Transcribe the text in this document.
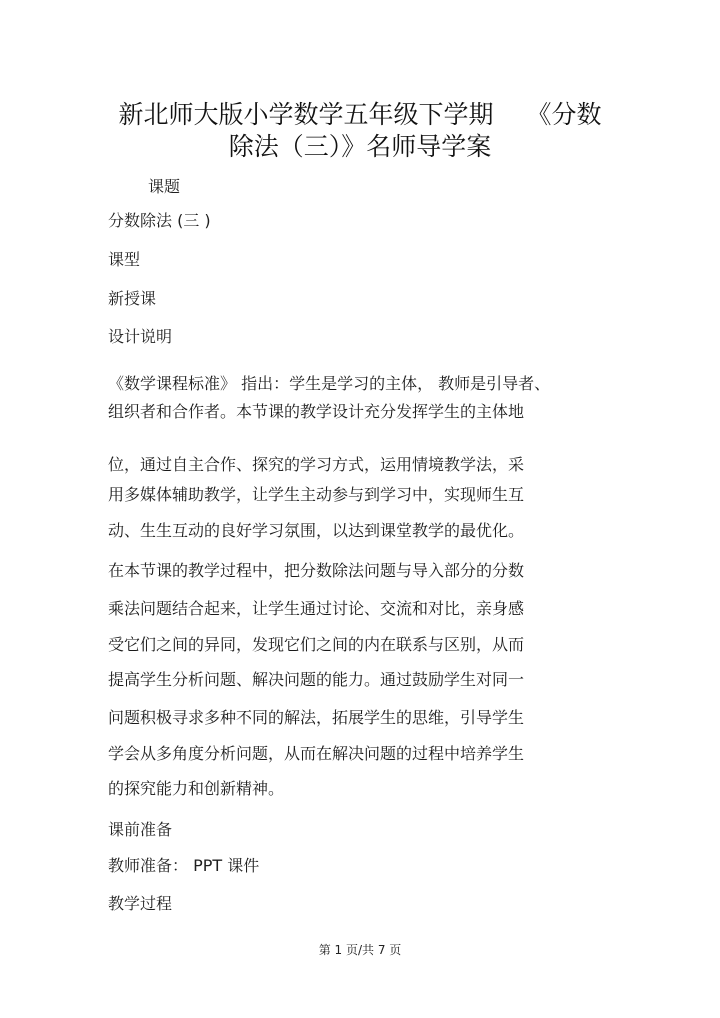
新北师大版小学数学五年级下学期　 《分数
除法（三）》名师导学案

课题

分数除法 (三 )

课型

新授课

设计说明

《数学课程标准》 指出：学生是学习的主体， 教师是引导者、
组织者和合作者。本节课的教学设计充分发挥学生的主体地
位，通过自主合作、探究的学习方式，运用情境教学法，采
用多媒体辅助教学，让学生主动参与到学习中，实现师生互
动、生生互动的良好学习氛围，以达到课堂教学的最优化。
在本节课的教学过程中，把分数除法问题与导入部分的分数
乘法问题结合起来，让学生通过讨论、交流和对比，亲身感
受它们之间的异同，发现它们之间的内在联系与区别，从而
提高学生分析问题、解决问题的能力。通过鼓励学生对同一
问题积极寻求多种不同的解法，拓展学生的思维，引导学生
学会从多角度分析问题，从而在解决问题的过程中培养学生
的探究能力和创新精神。

课前准备

教师准备： PPT 课件

教学过程

第 1 页/共 7 页
